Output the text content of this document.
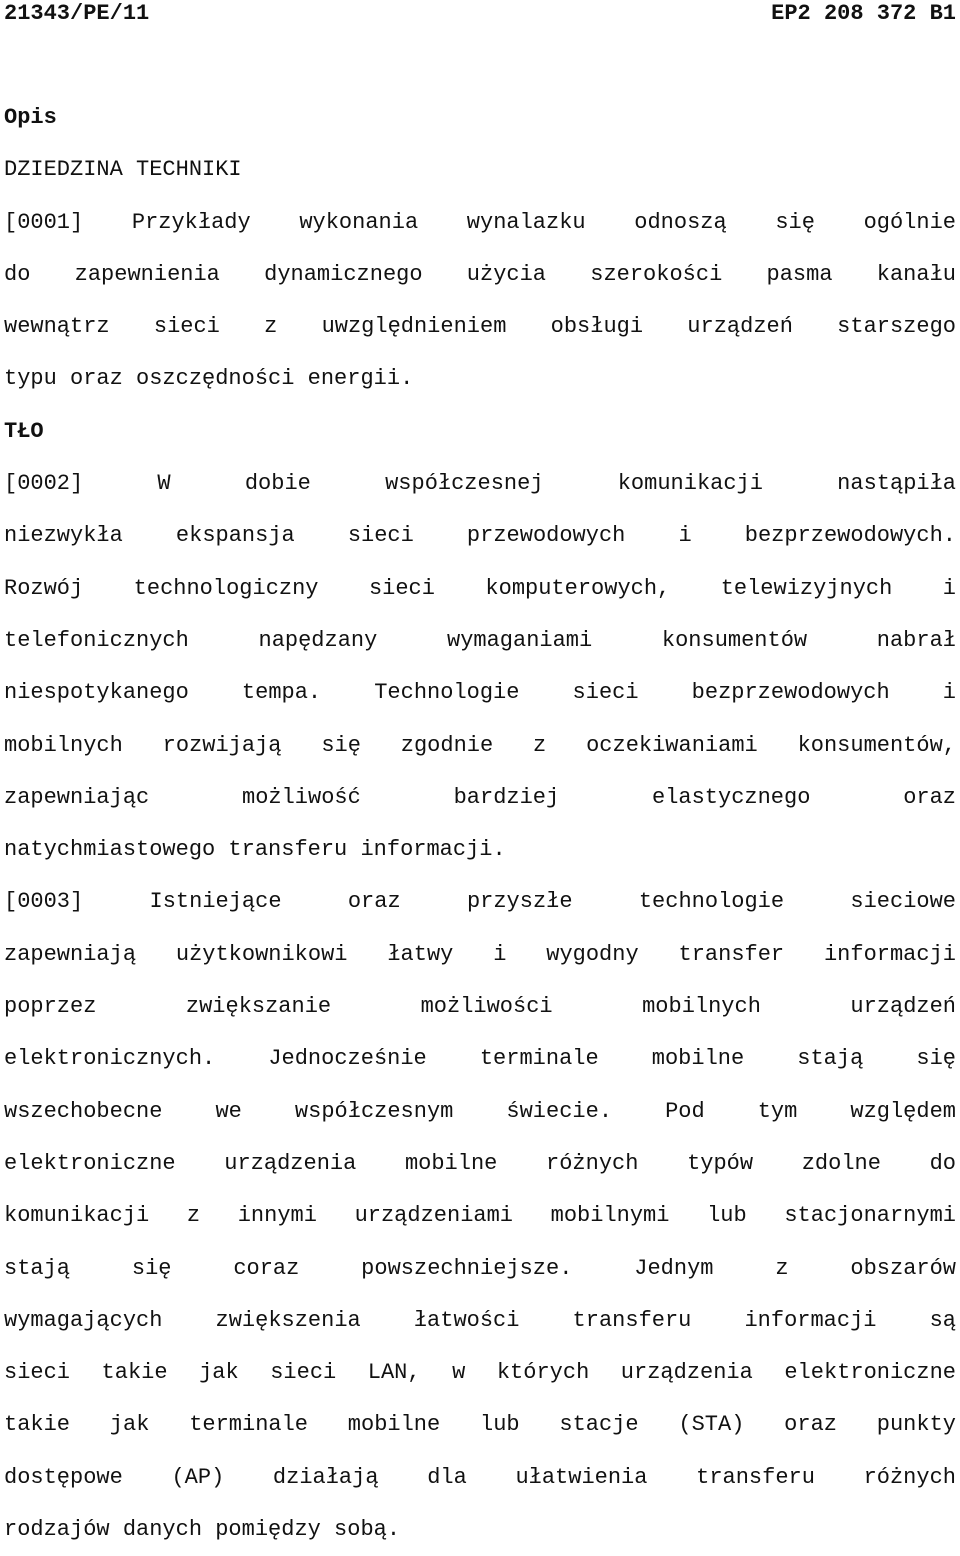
21343/PE/11	EP2 208 372 B1
Opis
DZIEDZINA TECHNIKI
[0001] Przykłady wykonania wynalazku odnoszą się ogólnie
do zapewnienia dynamicznego użycia szerokości pasma kanału
wewnątrz sieci z uwzględnieniem obsługi urządzeń starszego
typu oraz oszczędności energii.
TŁO
[0002] W dobie współczesnej komunikacji nastąpiła
niezwykła ekspansja sieci przewodowych i bezprzewodowych.
Rozwój technologiczny sieci komputerowych, telewizyjnych i
telefonicznych napędzany wymaganiami konsumentów nabrał
niespotykanego tempa. Technologie sieci bezprzewodowych i
mobilnych rozwijają się zgodnie z oczekiwaniami konsumentów,
zapewniając możliwość bardziej elastycznego oraz
natychmiastowego transferu informacji.
[0003] Istniejące oraz przyszłe technologie sieciowe
zapewniają użytkownikowi łatwy i wygodny transfer informacji
poprzez zwiększanie możliwości mobilnych urządzeń
elektronicznych. Jednocześnie terminale mobilne stają się
wszechobecne we współczesnym świecie. Pod tym względem
elektroniczne urządzenia mobilne różnych typów zdolne do
komunikacji z innymi urządzeniami mobilnymi lub stacjonarnymi
stają się coraz powszechniejsze. Jednym z obszarów
wymagających zwiększenia łatwości transferu informacji są
sieci takie jak sieci LAN, w których urządzenia elektroniczne
takie jak terminale mobilne lub stacje (STA) oraz punkty
dostępowe (AP) działają dla ułatwienia transferu różnych
rodzajów danych pomiędzy sobą.
